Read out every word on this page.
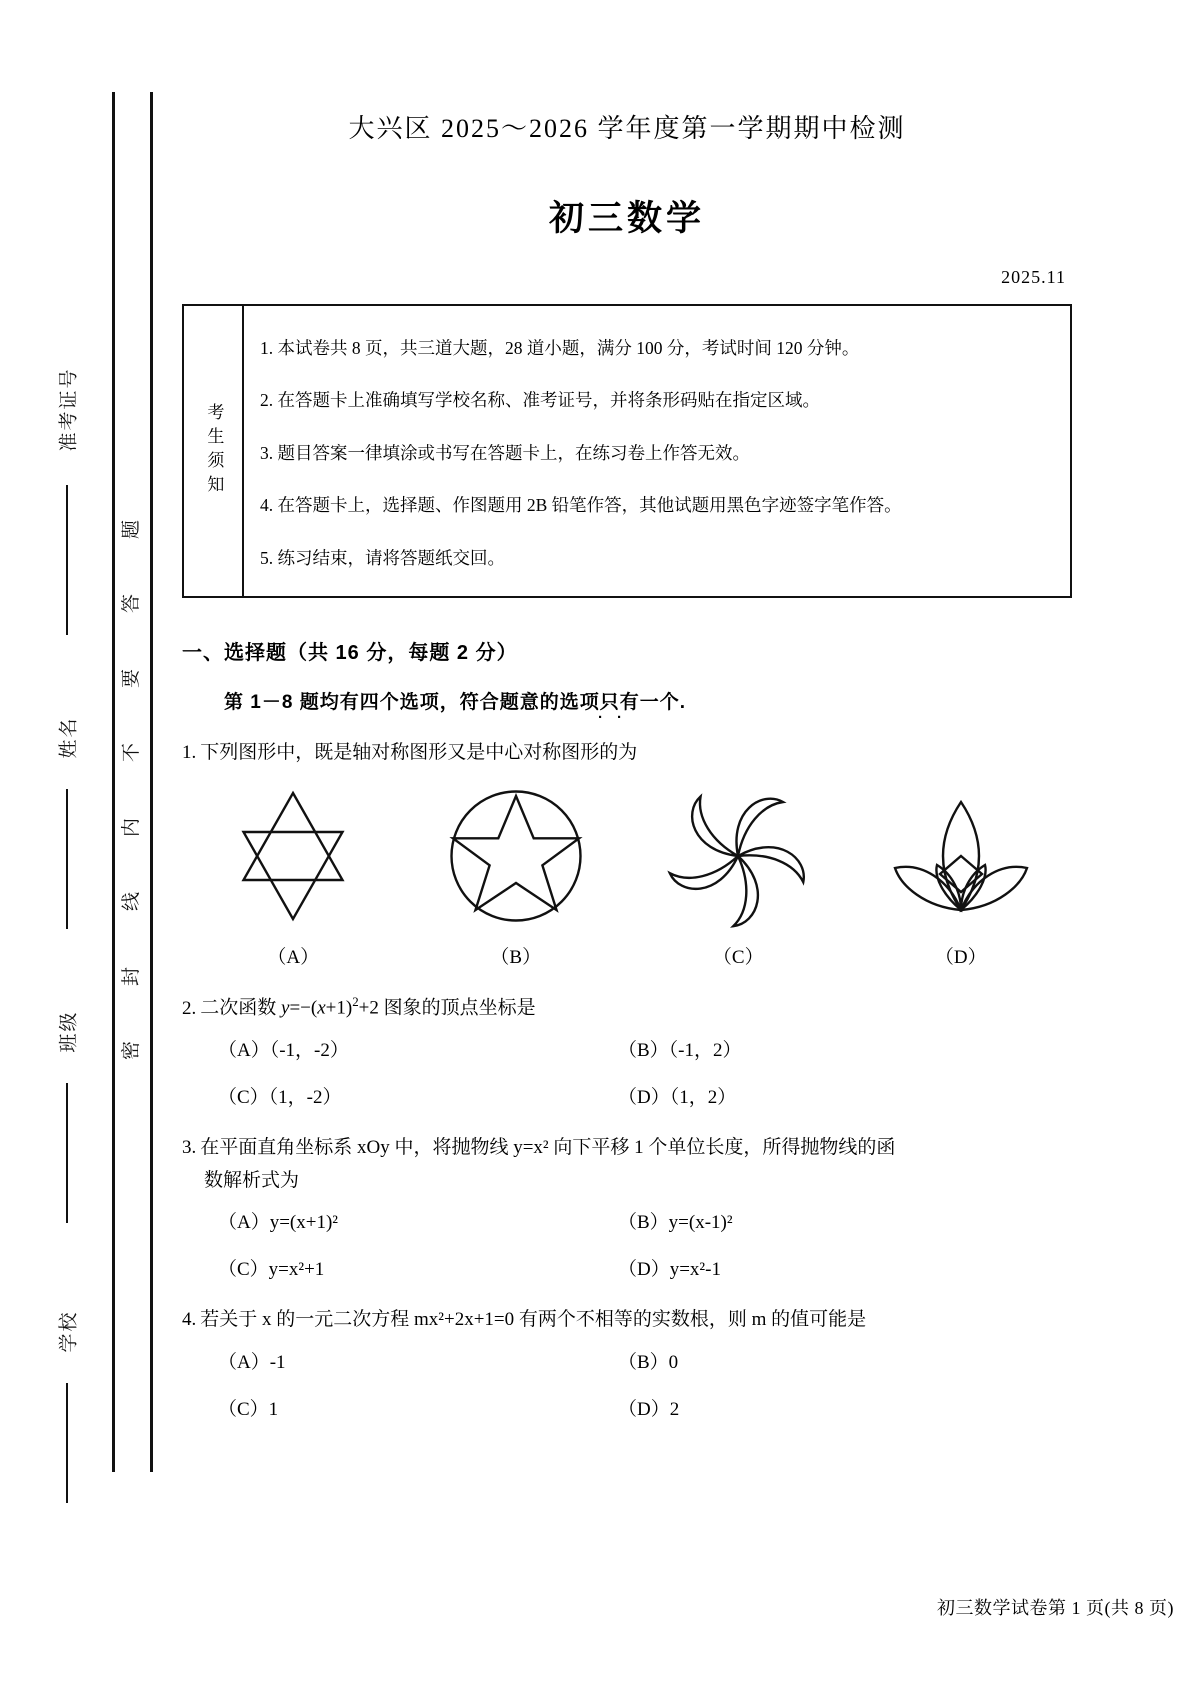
题
答
要
不
内
线
封
密
准考证号
姓名
班级
学校
大兴区 2025～2026 学年度第一学期期中检测
初三数学
2025.11
考生须知
1. 本试卷共 8 页，共三道大题，28 道小题，满分 100 分，考试时间 120 分钟。
2. 在答题卡上准确填写学校名称、准考证号，并将条形码贴在指定区域。
3. 题目答案一律填涂或书写在答题卡上，在练习卷上作答无效。
4. 在答题卡上，选择题、作图题用 2B 铅笔作答，其他试题用黑色字迹签字笔作答。
5. 练习结束，请将答题纸交回。
一、选择题（共 16 分，每题 2 分）
第 1－8 题均有四个选项，符合题意的选项只有一个.
··
1. 下列图形中，既是轴对称图形又是中心对称图形的为
（A）	（B）	（C）	（D）
2. 二次函数 $y=-(x+1)^2+2$ 图象的顶点坐标是
（A）（-1，-2）	（B）（-1，2）
（C）（1，-2）	（D）（1，2）
3. 在平面直角坐标系 xOy 中，将抛物线 y=x² 向下平移 1 个单位长度，所得抛物线的函
数解析式为
（A）y=(x+1)²	（B）y=(x-1)²
（C）y=x²+1	（D）y=x²-1
4. 若关于 x 的一元二次方程 mx²+2x+1=0 有两个不相等的实数根，则 m 的值可能是
（A）-1	（B）0
（C）1	（D）2
初三数学试卷第 1 页(共 8 页)
